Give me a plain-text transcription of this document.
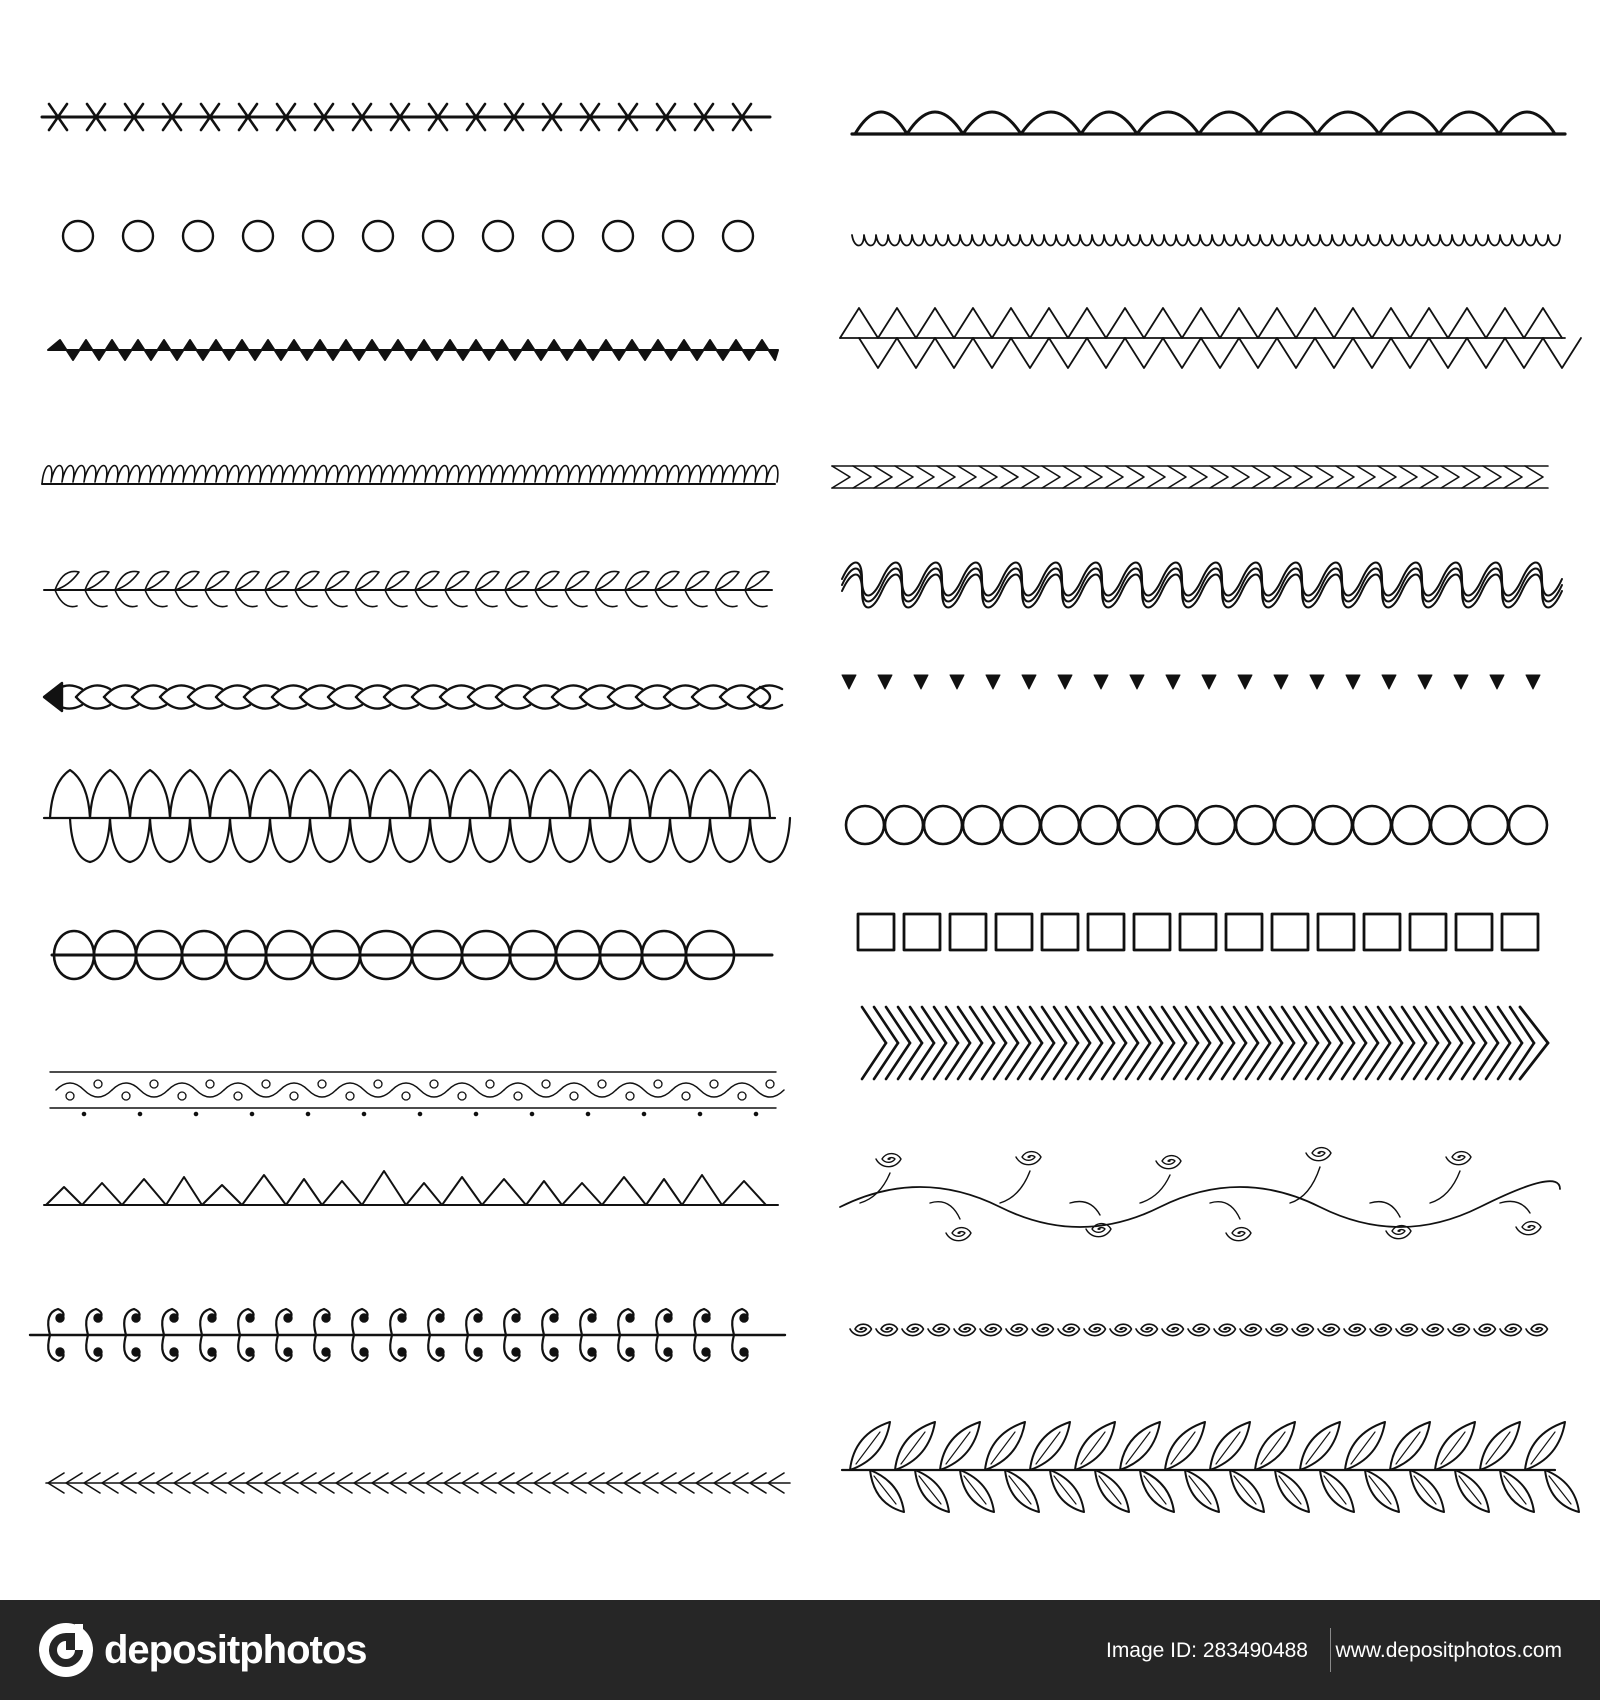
depositphotos	Image ID: 283490488 www.depositphotos.com
